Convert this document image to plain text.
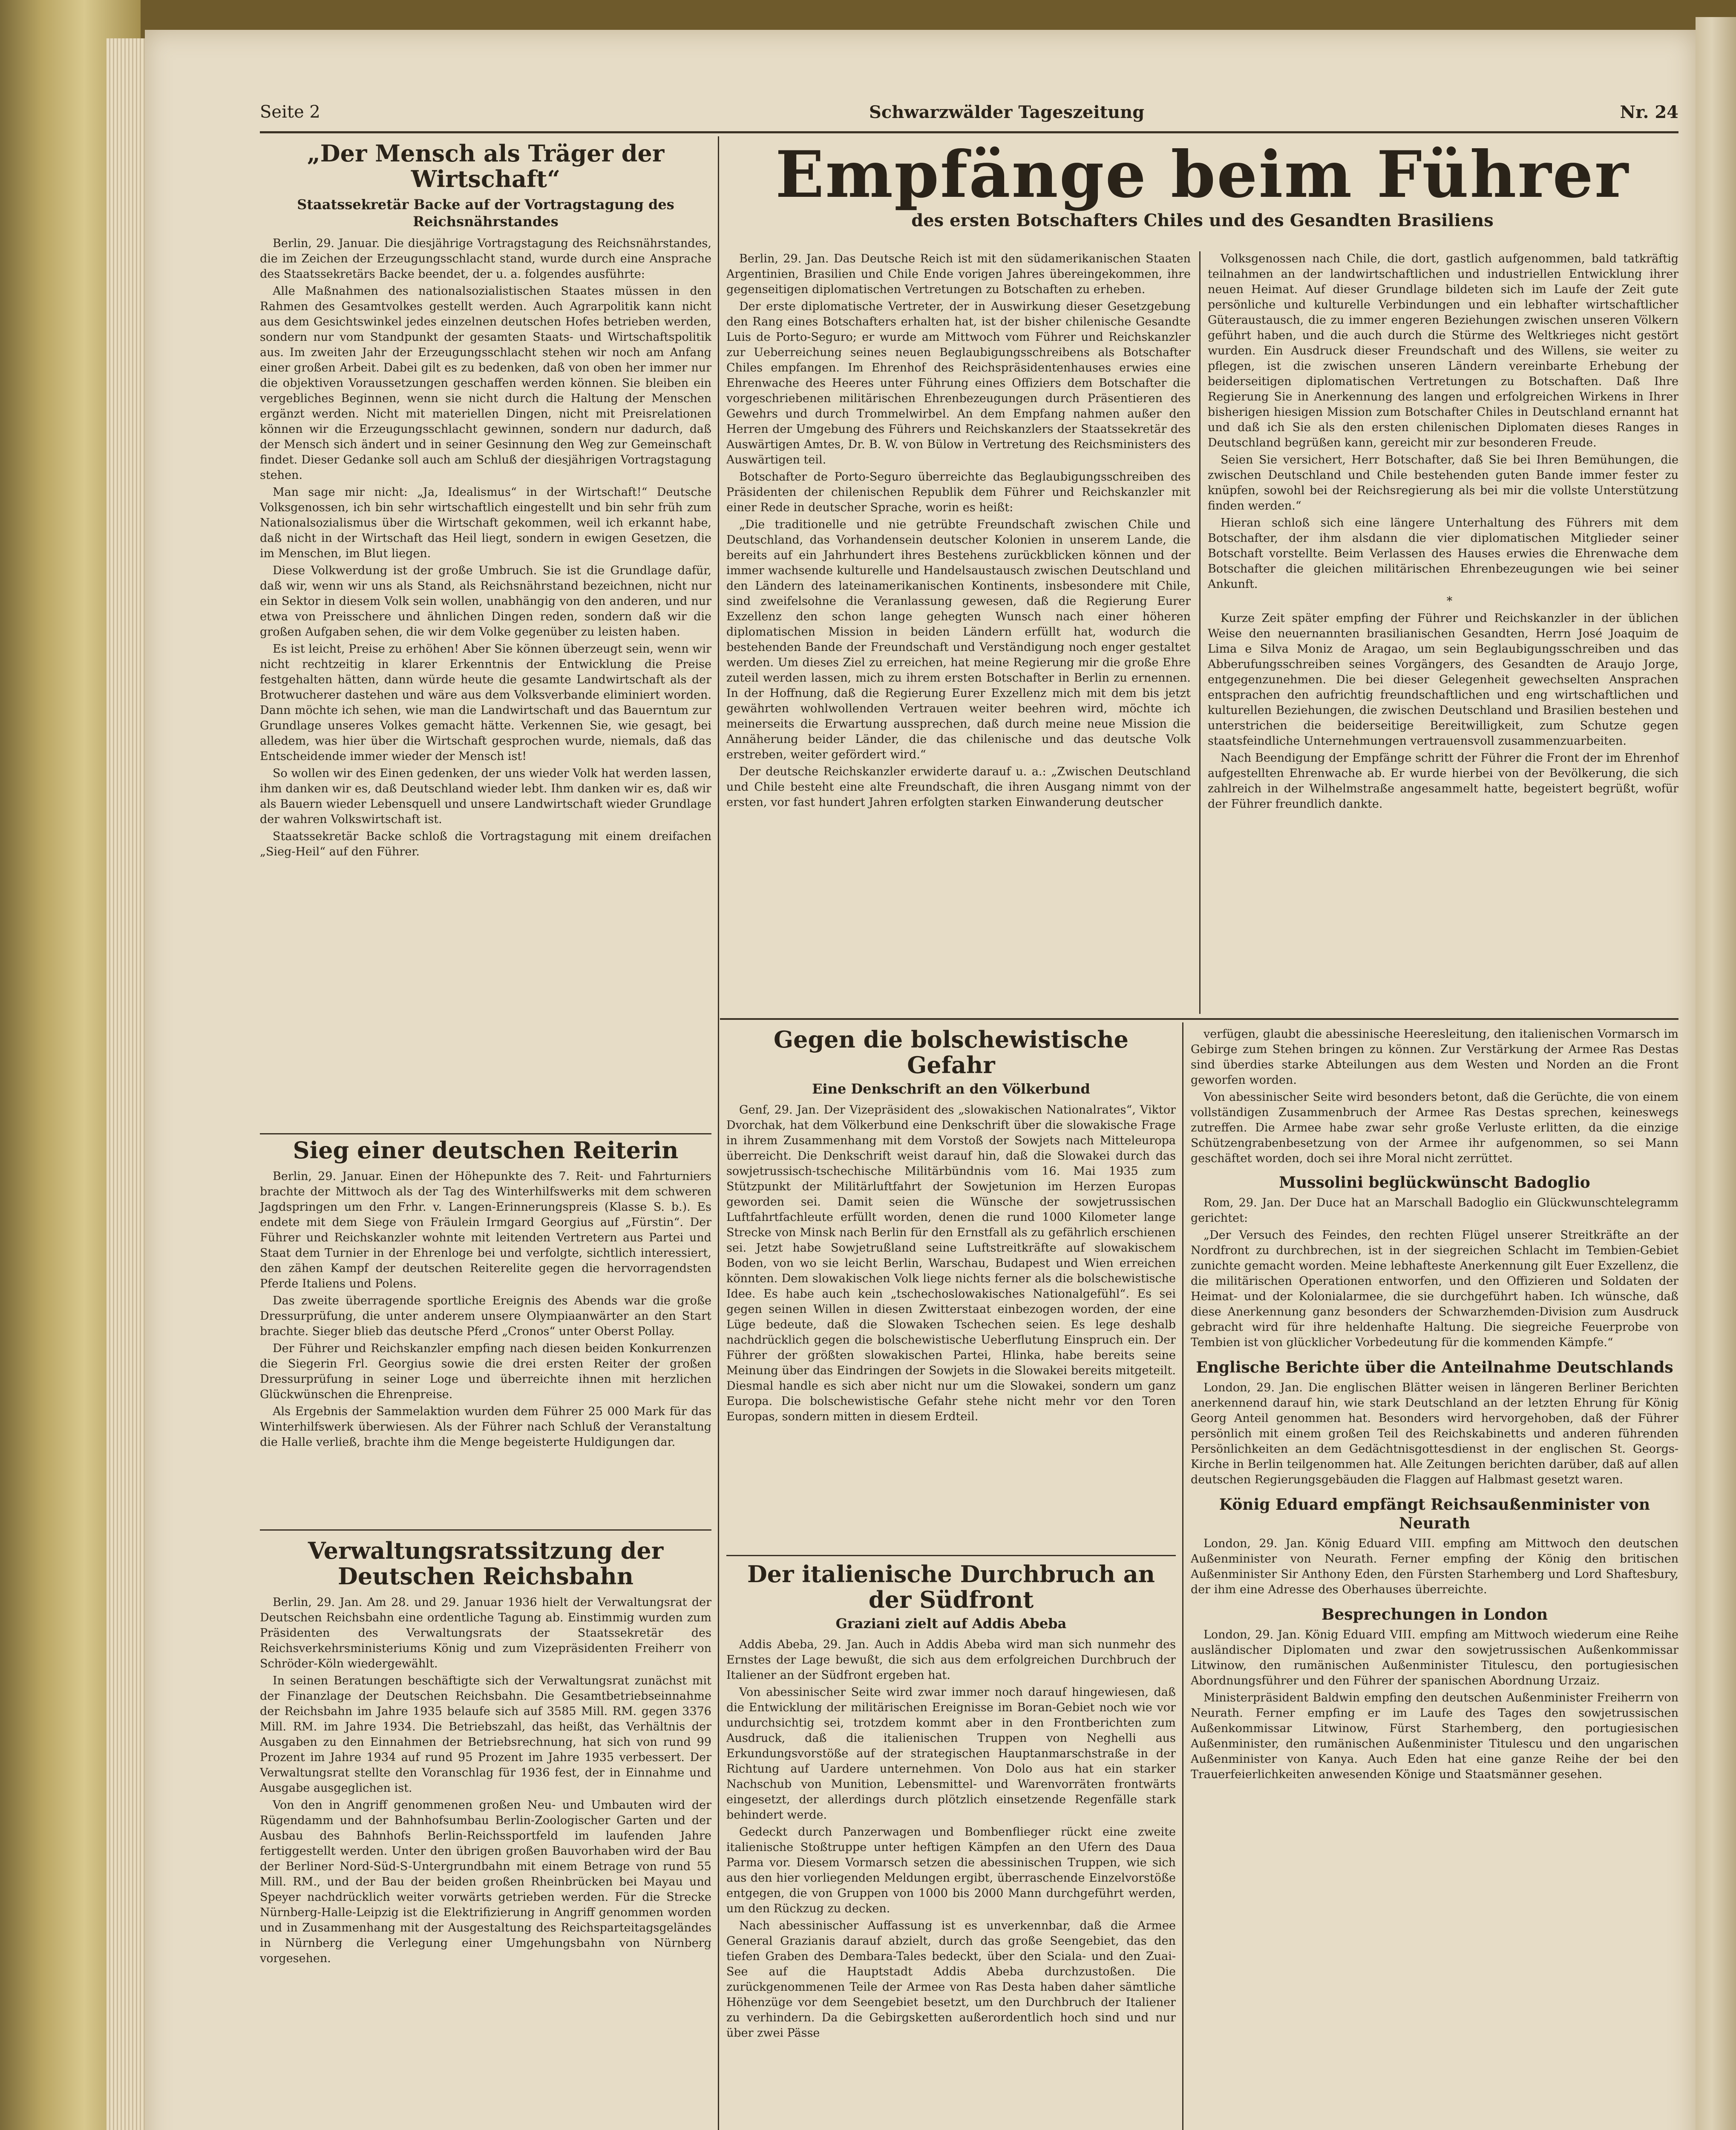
Seite 2	Schwarzwälder Tageszeitung	Nr. 24
„Der Mensch als Träger der Wirtschaft“
Staatssekretär Backe auf der Vortragstagung des Reichsnährstandes

Berlin, 29. Januar. Die diesjährige Vortragstagung des Reichsnährstandes, die im Zeichen der Erzeugungsschlacht stand, wurde durch eine Ansprache des Staatssekretärs Backe beendet, der u. a. folgendes ausführte:

Alle Maßnahmen des nationalsozialistischen Staates müssen in den Rahmen des Gesamtvolkes gestellt werden. Auch Agrarpolitik kann nicht aus dem Gesichtswinkel jedes einzelnen deutschen Hofes betrieben werden, sondern nur vom Standpunkt der gesamten Staats- und Wirtschaftspolitik aus. Im zweiten Jahr der Erzeugungsschlacht stehen wir noch am Anfang einer großen Arbeit. Dabei gilt es zu bedenken, daß von oben her immer nur die objektiven Voraussetzungen geschaffen werden können. Sie bleiben ein vergebliches Beginnen, wenn sie nicht durch die Haltung der Menschen ergänzt werden. Nicht mit materiellen Dingen, nicht mit Preisrelationen können wir die Erzeugungsschlacht gewinnen, sondern nur dadurch, daß der Mensch sich ändert und in seiner Gesinnung den Weg zur Gemeinschaft findet. Dieser Gedanke soll auch am Schluß der diesjährigen Vortragstagung stehen.

Man sage mir nicht: „Ja, Idealismus“ in der Wirtschaft!“ Deutsche Volksgenossen, ich bin sehr wirtschaftlich eingestellt und bin sehr früh zum Nationalsozialismus über die Wirtschaft gekommen, weil ich erkannt habe, daß nicht in der Wirtschaft das Heil liegt, sondern in ewigen Gesetzen, die im Menschen, im Blut liegen.

Diese Volkwerdung ist der große Umbruch. Sie ist die Grundlage dafür, daß wir, wenn wir uns als Stand, als Reichsnährstand bezeichnen, nicht nur ein Sektor in diesem Volk sein wollen, unabhängig von den anderen, und nur etwa von Preisschere und ähnlichen Dingen reden, sondern daß wir die großen Aufgaben sehen, die wir dem Volke gegenüber zu leisten haben.

Es ist leicht, Preise zu erhöhen! Aber Sie können überzeugt sein, wenn wir nicht rechtzeitig in klarer Erkenntnis der Entwicklung die Preise festgehalten hätten, dann würde heute die gesamte Landwirtschaft als der Brotwucherer dastehen und wäre aus dem Volksverbande eliminiert worden. Dann möchte ich sehen, wie man die Landwirtschaft und das Bauerntum zur Grundlage unseres Volkes gemacht hätte. Verkennen Sie, wie gesagt, bei alledem, was hier über die Wirtschaft gesprochen wurde, niemals, daß das Entscheidende immer wieder der Mensch ist!

So wollen wir des Einen gedenken, der uns wieder Volk hat werden lassen, ihm danken wir es, daß Deutschland wieder lebt. Ihm danken wir es, daß wir als Bauern wieder Lebensquell und unsere Landwirtschaft wieder Grundlage der wahren Volkswirtschaft ist.

Staatssekretär Backe schloß die Vortragstagung mit einem dreifachen „Sieg-Heil“ auf den Führer.

Sieg einer deutschen Reiterin

Berlin, 29. Januar. Einen der Höhepunkte des 7. Reit- und Fahrturniers brachte der Mittwoch als der Tag des Winterhilfswerks mit dem schweren Jagdspringen um den Frhr. v. Langen-Erinnerungspreis (Klasse S. b.). Es endete mit dem Siege von Fräulein Irmgard Georgius auf „Fürstin“. Der Führer und Reichskanzler wohnte mit leitenden Vertretern aus Partei und Staat dem Turnier in der Ehrenloge bei und verfolgte, sichtlich interessiert, den zähen Kampf der deutschen Reiterelite gegen die hervorragendsten Pferde Italiens und Polens.

Das zweite überragende sportliche Ereignis des Abends war die große Dressurprüfung, die unter anderem unsere Olympiaanwärter an den Start brachte. Sieger blieb das deutsche Pferd „Cronos“ unter Oberst Pollay.

Der Führer und Reichskanzler empfing nach diesen beiden Konkurrenzen die Siegerin Frl. Georgius sowie die drei ersten Reiter der großen Dressurprüfung in seiner Loge und überreichte ihnen mit herzlichen Glückwünschen die Ehrenpreise.

Als Ergebnis der Sammelaktion wurden dem Führer 25 000 Mark für das Winterhilfswerk überwiesen. Als der Führer nach Schluß der Veranstaltung die Halle verließ, brachte ihm die Menge begeisterte Huldigungen dar.

Verwaltungsratssitzung der Deutschen Reichsbahn

Berlin, 29. Jan. Am 28. und 29. Januar 1936 hielt der Verwaltungsrat der Deutschen Reichsbahn eine ordentliche Tagung ab. Einstimmig wurden zum Präsidenten des Verwaltungsrats der Staatssekretär des Reichsverkehrsministeriums König und zum Vizepräsidenten Freiherr von Schröder-Köln wiedergewählt.

In seinen Beratungen beschäftigte sich der Verwaltungsrat zunächst mit der Finanzlage der Deutschen Reichsbahn. Die Gesamtbetriebseinnahme der Reichsbahn im Jahre 1935 belaufe sich auf 3585 Mill. RM. gegen 3376 Mill. RM. im Jahre 1934. Die Betriebszahl, das heißt, das Verhältnis der Ausgaben zu den Einnahmen der Betriebsrechnung, hat sich von rund 99 Prozent im Jahre 1934 auf rund 95 Prozent im Jahre 1935 verbessert. Der Verwaltungsrat stellte den Voranschlag für 1936 fest, der in Einnahme und Ausgabe ausgeglichen ist.

Von den in Angriff genommenen großen Neu- und Umbauten wird der Rügendamm und der Bahnhofsumbau Berlin-Zoologischer Garten und der Ausbau des Bahnhofs Berlin-Reichssportfeld im laufenden Jahre fertiggestellt werden. Unter den übrigen großen Bauvorhaben wird der Bau der Berliner Nord-Süd-S-Untergrundbahn mit einem Betrage von rund 55 Mill. RM., und der Bau der beiden großen Rheinbrücken bei Mayau und Speyer nachdrücklich weiter vorwärts getrieben werden. Für die Strecke Nürnberg-Halle-Leipzig ist die Elektrifizierung in Angriff genommen worden und in Zusammenhang mit der Ausgestaltung des Reichsparteitagsgeländes in Nürnberg die Verlegung einer Umgehungsbahn von Nürnberg vorgesehen.

Empfänge beim Führer
des ersten Botschafters Chiles und des Gesandten Brasiliens

Berlin, 29. Jan. Das Deutsche Reich ist mit den südamerikanischen Staaten Argentinien, Brasilien und Chile Ende vorigen Jahres übereingekommen, ihre gegenseitigen diplomatischen Vertretungen zu Botschaften zu erheben.

Der erste diplomatische Vertreter, der in Auswirkung dieser Gesetzgebung den Rang eines Botschafters erhalten hat, ist der bisher chilenische Gesandte Luis de Porto-Seguro; er wurde am Mittwoch vom Führer und Reichskanzler zur Ueberreichung seines neuen Beglaubigungsschreibens als Botschafter Chiles empfangen. Im Ehrenhof des Reichspräsidentenhauses erwies eine Ehrenwache des Heeres unter Führung eines Offiziers dem Botschafter die vorgeschriebenen militärischen Ehrenbezeugungen durch Präsentieren des Gewehrs und durch Trommelwirbel. An dem Empfang nahmen außer den Herren der Umgebung des Führers und Reichskanzlers der Staatssekretär des Auswärtigen Amtes, Dr. B. W. von Bülow in Vertretung des Reichsministers des Auswärtigen teil.

Botschafter de Porto-Seguro überreichte das Beglaubigungsschreiben des Präsidenten der chilenischen Republik dem Führer und Reichskanzler mit einer Rede in deutscher Sprache, worin es heißt:

„Die traditionelle und nie getrübte Freundschaft zwischen Chile und Deutschland, das Vorhandensein deutscher Kolonien in unserem Lande, die bereits auf ein Jahrhundert ihres Bestehens zurückblicken können und der immer wachsende kulturelle und Handelsaustausch zwischen Deutschland und den Ländern des lateinamerikanischen Kontinents, insbesondere mit Chile, sind zweifelsohne die Veranlassung gewesen, daß die Regierung Eurer Exzellenz den schon lange gehegten Wunsch nach einer höheren diplomatischen Mission in beiden Ländern erfüllt hat, wodurch die bestehenden Bande der Freundschaft und Verständigung noch enger gestaltet werden. Um dieses Ziel zu erreichen, hat meine Regierung mir die große Ehre zuteil werden lassen, mich zu ihrem ersten Botschafter in Berlin zu ernennen. In der Hoffnung, daß die Regierung Eurer Exzellenz mich mit dem bis jetzt gewährten wohlwollenden Vertrauen weiter beehren wird, möchte ich meinerseits die Erwartung aussprechen, daß durch meine neue Mission die Annäherung beider Länder, die das chilenische und das deutsche Volk erstreben, weiter gefördert wird.“

Der deutsche Reichskanzler erwiderte darauf u. a.: „Zwischen Deutschland und Chile besteht eine alte Freundschaft, die ihren Ausgang nimmt von der ersten, vor fast hundert Jahren erfolgten starken Einwanderung deutscher

Volksgenossen nach Chile, die dort, gastlich aufgenommen, bald tatkräftig teilnahmen an der landwirtschaftlichen und industriellen Entwicklung ihrer neuen Heimat. Auf dieser Grundlage bildeten sich im Laufe der Zeit gute persönliche und kulturelle Verbindungen und ein lebhafter wirtschaftlicher Güteraustausch, die zu immer engeren Beziehungen zwischen unseren Völkern geführt haben, und die auch durch die Stürme des Weltkrieges nicht gestört wurden. Ein Ausdruck dieser Freundschaft und des Willens, sie weiter zu pflegen, ist die zwischen unseren Ländern vereinbarte Erhebung der beiderseitigen diplomatischen Vertretungen zu Botschaften. Daß Ihre Regierung Sie in Anerkennung des langen und erfolgreichen Wirkens in Ihrer bisherigen hiesigen Mission zum Botschafter Chiles in Deutschland ernannt hat und daß ich Sie als den ersten chilenischen Diplomaten dieses Ranges in Deutschland begrüßen kann, gereicht mir zur besonderen Freude.

Seien Sie versichert, Herr Botschafter, daß Sie bei Ihren Bemühungen, die zwischen Deutschland und Chile bestehenden guten Bande immer fester zu knüpfen, sowohl bei der Reichsregierung als bei mir die vollste Unterstützung finden werden.“

Hieran schloß sich eine längere Unterhaltung des Führers mit dem Botschafter, der ihm alsdann die vier diplomatischen Mitglieder seiner Botschaft vorstellte. Beim Verlassen des Hauses erwies die Ehrenwache dem Botschafter die gleichen militärischen Ehrenbezeugungen wie bei seiner Ankunft.

*

Kurze Zeit später empfing der Führer und Reichskanzler in der üblichen Weise den neuernannten brasilianischen Gesandten, Herrn José Joaquim de Lima e Silva Moniz de Aragao, um sein Beglaubigungsschreiben und das Abberufungsschreiben seines Vorgängers, des Gesandten de Araujo Jorge, entgegenzunehmen. Die bei dieser Gelegenheit gewechselten Ansprachen entsprachen den aufrichtig freundschaftlichen und eng wirtschaftlichen und kulturellen Beziehungen, die zwischen Deutschland und Brasilien bestehen und unterstrichen die beiderseitige Bereitwilligkeit, zum Schutze gegen staatsfeindliche Unternehmungen vertrauensvoll zusammenzuarbeiten.

Nach Beendigung der Empfänge schritt der Führer die Front der im Ehrenhof aufgestellten Ehrenwache ab. Er wurde hierbei von der Bevölkerung, die sich zahlreich in der Wilhelmstraße angesammelt hatte, begeistert begrüßt, wofür der Führer freundlich dankte.

Gegen die bolschewistische Gefahr
Eine Denkschrift an den Völkerbund

Genf, 29. Jan. Der Vizepräsident des „slowakischen Nationalrates“, Viktor Dvorchak, hat dem Völkerbund eine Denkschrift über die slowakische Frage in ihrem Zusammenhang mit dem Vorstoß der Sowjets nach Mitteleuropa überreicht. Die Denkschrift weist darauf hin, daß die Slowakei durch das sowjetrussisch-tschechische Militärbündnis vom 16. Mai 1935 zum Stützpunkt der Militärluftfahrt der Sowjetunion im Herzen Europas geworden sei. Damit seien die Wünsche der sowjetrussischen Luftfahrtfachleute erfüllt worden, denen die rund 1000 Kilometer lange Strecke von Minsk nach Berlin für den Ernstfall als zu gefährlich erschienen sei. Jetzt habe Sowjetrußland seine Luftstreitkräfte auf slowakischem Boden, von wo sie leicht Berlin, Warschau, Budapest und Wien erreichen könnten. Dem slowakischen Volk liege nichts ferner als die bolschewistische Idee. Es habe auch kein „tschechoslowakisches Nationalgefühl“. Es sei gegen seinen Willen in diesen Zwitterstaat einbezogen worden, der eine Lüge bedeute, daß die Slowaken Tschechen seien. Es lege deshalb nachdrücklich gegen die bolschewistische Ueberflutung Einspruch ein. Der Führer der größten slowakischen Partei, Hlinka, habe bereits seine Meinung über das Eindringen der Sowjets in die Slowakei bereits mitgeteilt. Diesmal handle es sich aber nicht nur um die Slowakei, sondern um ganz Europa. Die bolschewistische Gefahr stehe nicht mehr vor den Toren Europas, sondern mitten in diesem Erdteil.

Der italienische Durchbruch an der Südfront
Graziani zielt auf Addis Abeba

Addis Abeba, 29. Jan. Auch in Addis Abeba wird man sich nunmehr des Ernstes der Lage bewußt, die sich aus dem erfolgreichen Durchbruch der Italiener an der Südfront ergeben hat.

Von abessinischer Seite wird zwar immer noch darauf hingewiesen, daß die Entwicklung der militärischen Ereignisse im Boran-Gebiet noch wie vor undurchsichtig sei, trotzdem kommt aber in den Frontberichten zum Ausdruck, daß die italienischen Truppen von Neghelli aus Erkundungsvorstöße auf der strategischen Hauptanmarschstraße in der Richtung auf Uardere unternehmen. Von Dolo aus hat ein starker Nachschub von Munition, Lebensmittel- und Warenvorräten frontwärts eingesetzt, der allerdings durch plötzlich einsetzende Regenfälle stark behindert werde.

Gedeckt durch Panzerwagen und Bombenflieger rückt eine zweite italienische Stoßtruppe unter heftigen Kämpfen an den Ufern des Daua Parma vor. Diesem Vormarsch setzen die abessinischen Truppen, wie sich aus den hier vorliegenden Meldungen ergibt, überraschende Einzelvorstöße entgegen, die von Gruppen von 1000 bis 2000 Mann durchgeführt werden, um den Rückzug zu decken.

Nach abessinischer Auffassung ist es unverkennbar, daß die Armee General Grazianis darauf abzielt, durch das große Seengebiet, das den tiefen Graben des Dembara-Tales bedeckt, über den Sciala- und den Zuai-See auf die Hauptstadt Addis Abeba durchzustoßen. Die zurückgenommenen Teile der Armee von Ras Desta haben daher sämtliche Höhenzüge vor dem Seengebiet besetzt, um den Durchbruch der Italiener zu verhindern. Da die Gebirgsketten außerordentlich hoch sind und nur über zwei Pässe

verfügen, glaubt die abessinische Heeresleitung, den italienischen Vormarsch im Gebirge zum Stehen bringen zu können. Zur Verstärkung der Armee Ras Destas sind überdies starke Abteilungen aus dem Westen und Norden an die Front geworfen worden.

Von abessinischer Seite wird besonders betont, daß die Gerüchte, die von einem vollständigen Zusammenbruch der Armee Ras Destas sprechen, keineswegs zutreffen. Die Armee habe zwar sehr große Verluste erlitten, da die einzige Schützengrabenbesetzung von der Armee ihr aufgenommen, so sei Mann geschäftet worden, doch sei ihre Moral nicht zerrüttet.

Mussolini beglückwünscht Badoglio

Rom, 29. Jan. Der Duce hat an Marschall Badoglio ein Glückwunschtelegramm gerichtet:

„Der Versuch des Feindes, den rechten Flügel unserer Streitkräfte an der Nordfront zu durchbrechen, ist in der siegreichen Schlacht im Tembien-Gebiet zunichte gemacht worden. Meine lebhafteste Anerkennung gilt Euer Exzellenz, die die militärischen Operationen entworfen, und den Offizieren und Soldaten der Heimat- und der Kolonialarmee, die sie durchgeführt haben. Ich wünsche, daß diese Anerkennung ganz besonders der Schwarzhemden-Division zum Ausdruck gebracht wird für ihre heldenhafte Haltung. Die siegreiche Feuerprobe von Tembien ist von glücklicher Vorbedeutung für die kommenden Kämpfe.“

Englische Berichte über die Anteilnahme Deutschlands

London, 29. Jan. Die englischen Blätter weisen in längeren Berliner Berichten anerkennend darauf hin, wie stark Deutschland an der letzten Ehrung für König Georg Anteil genommen hat. Besonders wird hervorgehoben, daß der Führer persönlich mit einem großen Teil des Reichskabinetts und anderen führenden Persönlichkeiten an dem Gedächtnisgottesdienst in der englischen St. Georgs-Kirche in Berlin teilgenommen hat. Alle Zeitungen berichten darüber, daß auf allen deutschen Regierungsgebäuden die Flaggen auf Halbmast gesetzt waren.

König Eduard empfängt Reichsaußenminister von Neurath

London, 29. Jan. König Eduard VIII. empfing am Mittwoch den deutschen Außenminister von Neurath. Ferner empfing der König den britischen Außenminister Sir Anthony Eden, den Fürsten Starhemberg und Lord Shaftesbury, der ihm eine Adresse des Oberhauses überreichte.

Besprechungen in London

London, 29. Jan. König Eduard VIII. empfing am Mittwoch wiederum eine Reihe ausländischer Diplomaten und zwar den sowjetrussischen Außenkommissar Litwinow, den rumänischen Außenminister Titulescu, den portugiesischen Abordnungsführer und den Führer der spanischen Abordnung Urzaiz.

Ministerpräsident Baldwin empfing den deutschen Außenminister Freiherrn von Neurath. Ferner empfing er im Laufe des Tages den sowjetrussischen Außenkommissar Litwinow, Fürst Starhemberg, den portugiesischen Außenminister, den rumänischen Außenminister Titulescu und den ungarischen Außenminister von Kanya. Auch Eden hat eine ganze Reihe der bei den Trauerfeierlichkeiten anwesenden Könige und Staatsmänner gesehen.
